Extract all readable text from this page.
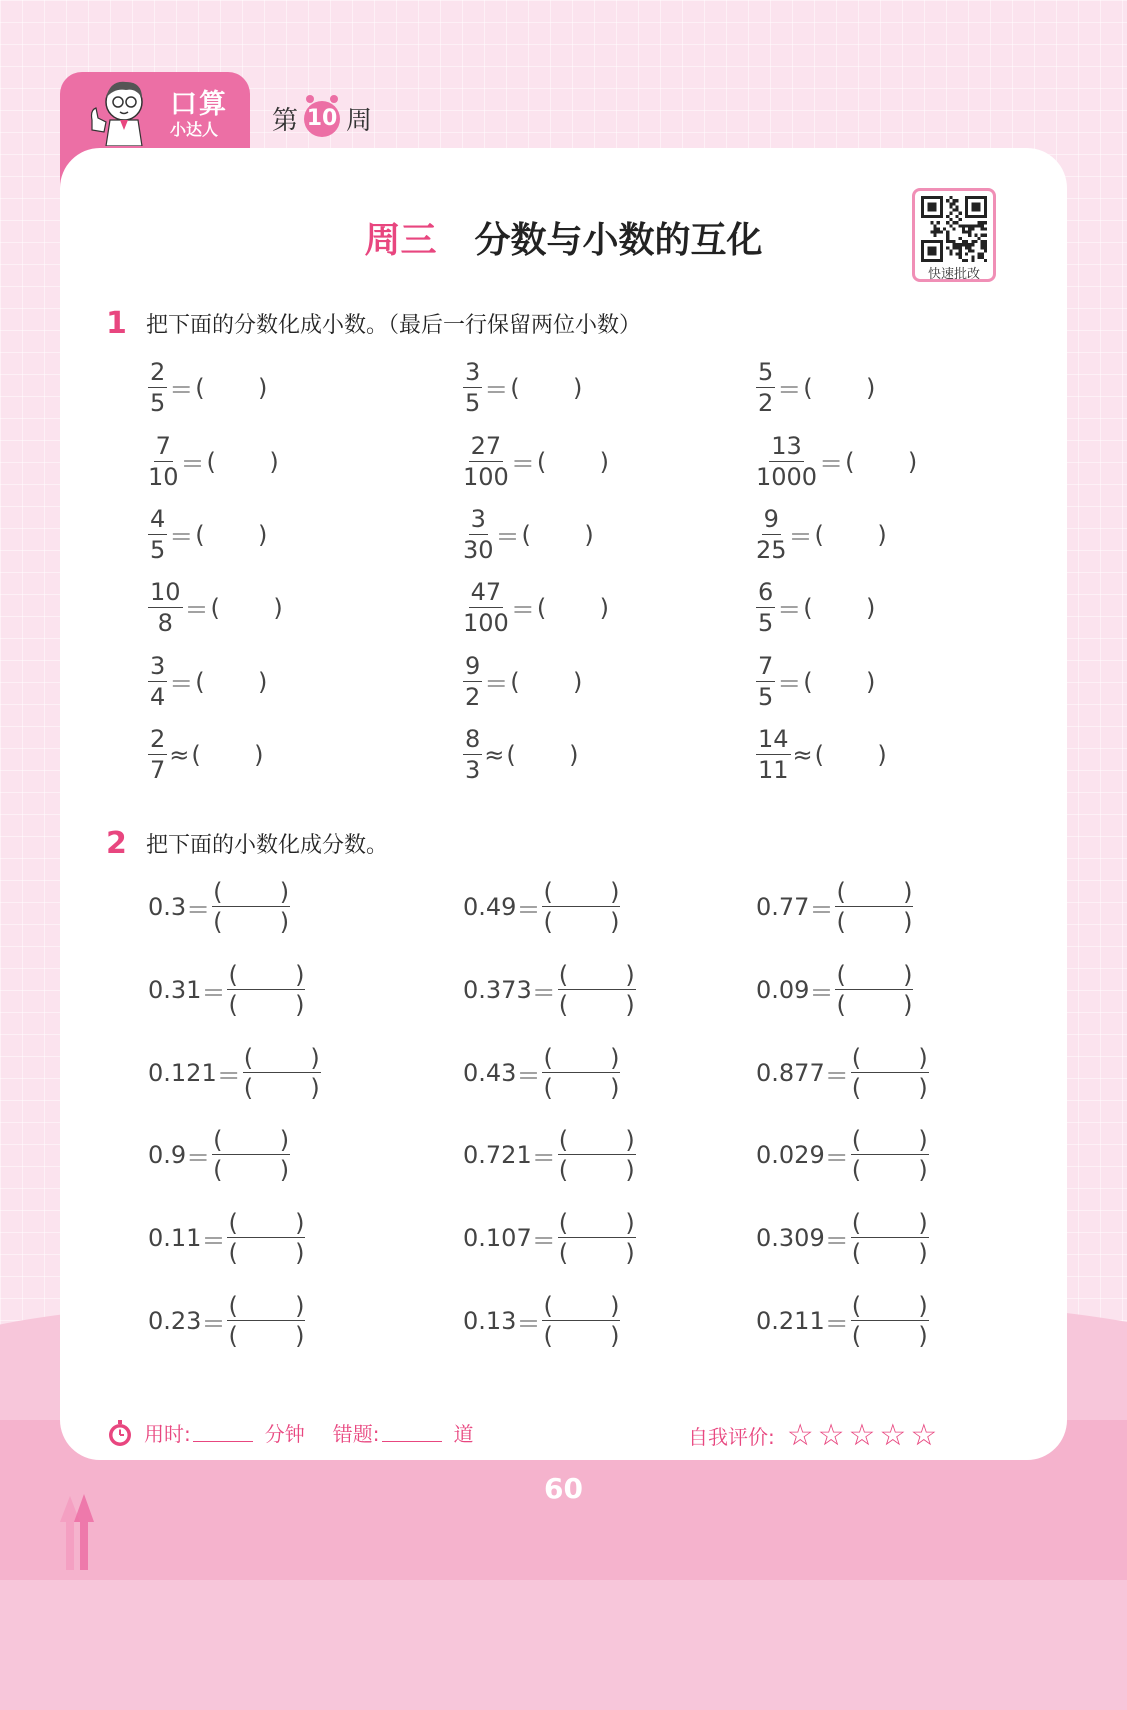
口算
小达人 第 10 周
周三 分数与小数的互化
快速批改
1 把下面的分数化成小数。（最后一行保留两位小数）
$\frac{2}{5}$ ＝ (       )	$\frac{3}{5}$ ＝ (       )	$\frac{5}{2}$ ＝ (       )
$\frac{7}{10}$ ＝ (       )	$\frac{27}{100}$ ＝ (       )	$\frac{13}{1000}$ ＝ (       )
$\frac{4}{5}$ ＝ (       )	$\frac{3}{30}$ ＝ (       )	$\frac{9}{25}$ ＝ (       )
$\frac{10}{8}$ ＝ (       )	$\frac{47}{100}$ ＝ (       )	$\frac{6}{5}$ ＝ (       )
$\frac{3}{4}$ ＝ (       )	$\frac{9}{2}$ ＝ (       )	$\frac{7}{5}$ ＝ (       )
$\frac{2}{7}$ ≈ (       )	$\frac{8}{3}$ ≈ (       )	$\frac{14}{11}$ ≈ (       )
2 把下面的小数化成分数。
$0.3 = \frac{( )}{( )}$	$0.49 = \frac{( )}{( )}$	$0.77 = \frac{( )}{( )}$
$0.31 = \frac{( )}{( )}$	$0.373 = \frac{( )}{( )}$	$0.09 = \frac{( )}{( )}$
$0.121 = \frac{( )}{( )}$	$0.43 = \frac{( )}{( )}$	$0.877 = \frac{( )}{( )}$
$0.9 = \frac{( )}{( )}$	$0.721 = \frac{( )}{( )}$	$0.029 = \frac{( )}{( )}$
$0.11 = \frac{( )}{( )}$	$0.107 = \frac{( )}{( )}$	$0.309 = \frac{( )}{( )}$
$0.23 = \frac{( )}{( )}$	$0.13 = \frac{( )}{( )}$	$0.211 = \frac{( )}{( )}$
用时:	分钟 错题:	道	自我评价: ☆☆☆☆☆
60
